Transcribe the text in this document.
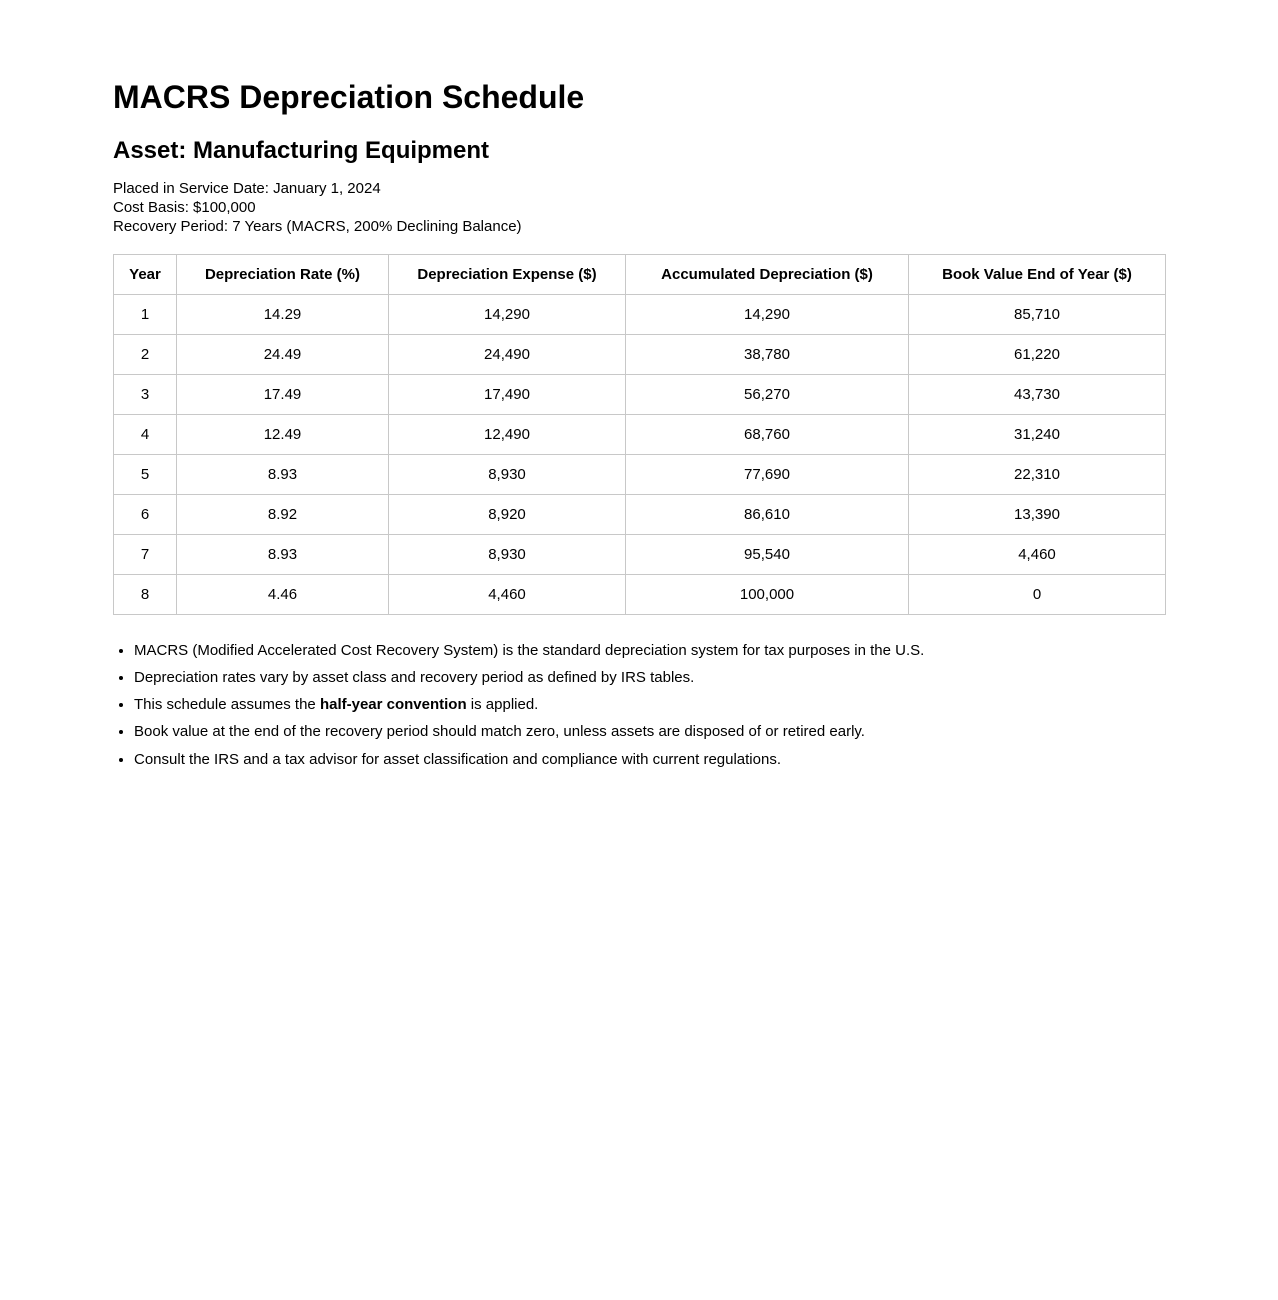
MACRS Depreciation Schedule
Asset: Manufacturing Equipment
Placed in Service Date: January 1, 2024
Cost Basis: $100,000
Recovery Period: 7 Years (MACRS, 200% Declining Balance)
Year	Depreciation Rate (%)	Depreciation Expense ($)	Accumulated Depreciation ($)	Book Value End of Year ($)
1	14.29	14,290	14,290	85,710
2	24.49	24,490	38,780	61,220
3	17.49	17,490	56,270	43,730
4	12.49	12,490	68,760	31,240
5	8.93	8,930	77,690	22,310
6	8.92	8,920	86,610	13,390
7	8.93	8,930	95,540	4,460
8	4.46	4,460	100,000	0
• MACRS (Modified Accelerated Cost Recovery System) is the standard depreciation system for tax purposes in the U.S.
• Depreciation rates vary by asset class and recovery period as defined by IRS tables.
• This schedule assumes the half-year convention is applied.
• Book value at the end of the recovery period should match zero, unless assets are disposed of or retired early.
• Consult the IRS and a tax advisor for asset classification and compliance with current regulations.
